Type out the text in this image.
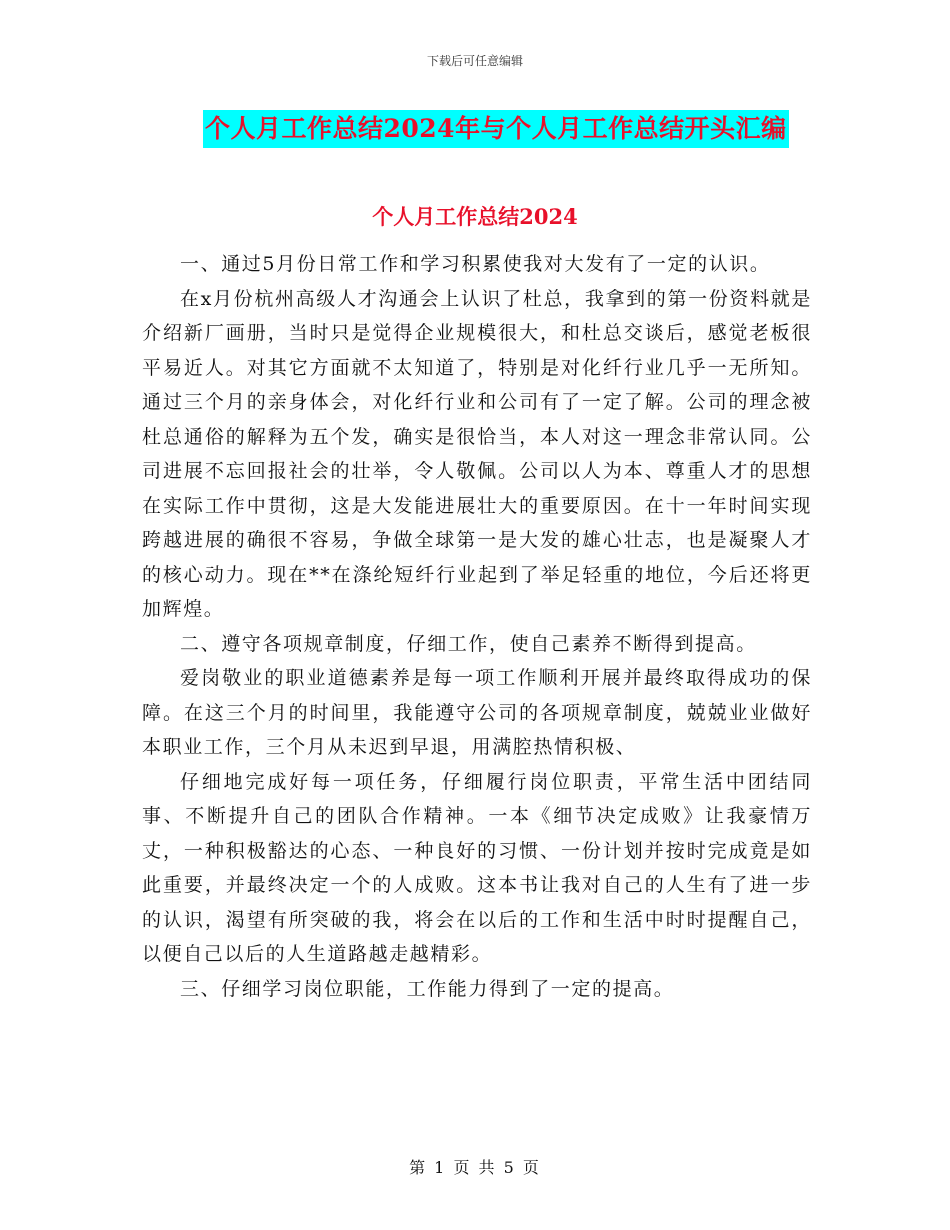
下载后可任意编辑
个人月工作总结2024年与个人月工作总结开头汇编
个人月工作总结2024

一、通过5月份日常工作和学习积累使我对大发有了一定的认识。

在x月份杭州高级人才沟通会上认识了杜总，我拿到的第一份资料就是介绍新厂画册，当时只是觉得企业规模很大，和杜总交谈后，感觉老板很平易近人。对其它方面就不太知道了，特别是对化纤行业几乎一无所知。通过三个月的亲身体会，对化纤行业和公司有了一定了解。公司的理念被杜总通俗的解释为五个发，确实是很恰当，本人对这一理念非常认同。公司进展不忘回报社会的壮举，令人敬佩。公司以人为本、尊重人才的思想在实际工作中贯彻，这是大发能进展壮大的重要原因。在十一年时间实现跨越进展的确很不容易，争做全球第一是大发的雄心壮志，也是凝聚人才的核心动力。现在**在涤纶短纤行业起到了举足轻重的地位，今后还将更加辉煌。

二、遵守各项规章制度，仔细工作，使自己素养不断得到提高。

爱岗敬业的职业道德素养是每一项工作顺利开展并最终取得成功的保障。在这三个月的时间里，我能遵守公司的各项规章制度，兢兢业业做好本职业工作，三个月从未迟到早退，用满腔热情积极、

仔细地完成好每一项任务，仔细履行岗位职责，平常生活中团结同事、不断提升自己的团队合作精神。一本《细节决定成败》让我豪情万丈，一种积极豁达的心态、一种良好的习惯、一份计划并按时完成竟是如此重要，并最终决定一个的人成败。这本书让我对自己的人生有了进一步的认识，渴望有所突破的我，将会在以后的工作和生活中时时提醒自己，以便自己以后的人生道路越走越精彩。

三、仔细学习岗位职能，工作能力得到了一定的提高。

第 1 页 共 5 页
